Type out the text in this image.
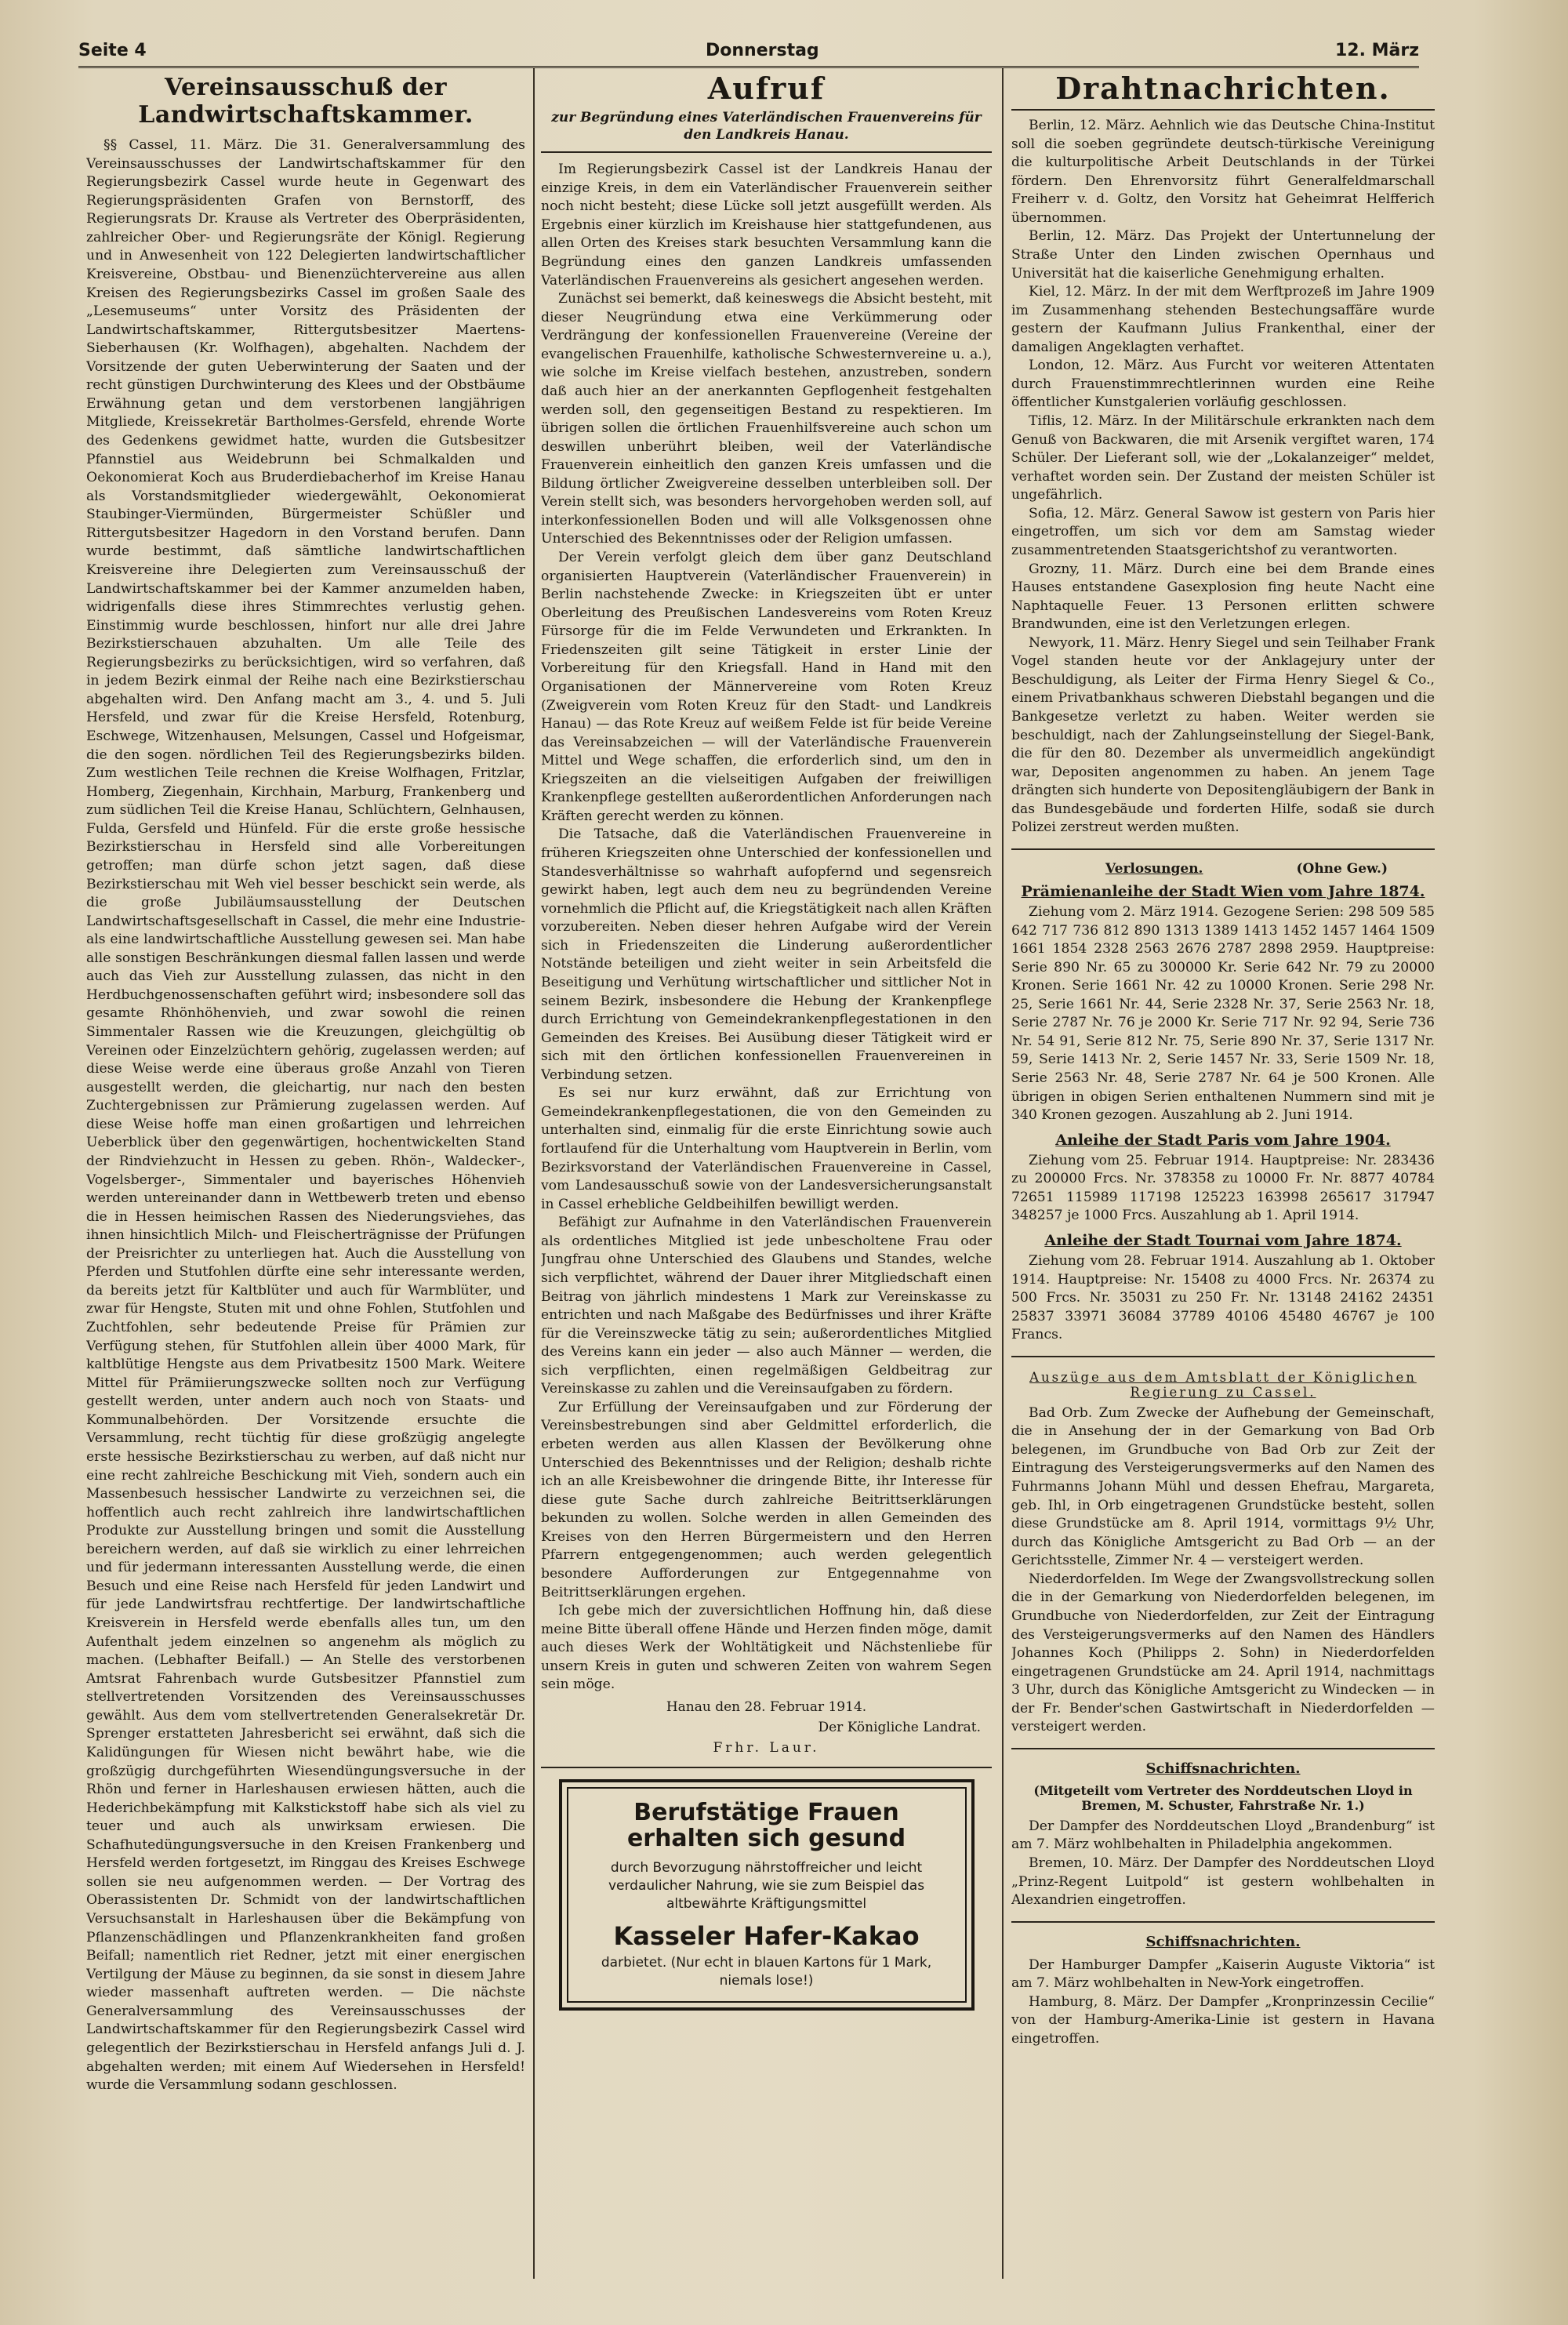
Seite 4	Donnerstag	12. März
Vereinsausschuß der Landwirtschaftskammer.

§§ Cassel, 11. März. Die 31. Generalversammlung des Vereinsausschusses der Landwirtschaftskammer für den Regierungsbezirk Cassel wurde heute in Gegenwart des Regierungspräsidenten Grafen von Bernstorff, des Regierungsrats Dr. Krause als Vertreter des Oberpräsidenten, zahlreicher Ober- und Regierungsräte der Königl. Regierung und in Anwesenheit von 122 Delegierten landwirtschaftlicher Kreisvereine, Obstbau- und Bienenzüchtervereine aus allen Kreisen des Regierungsbezirks Cassel im großen Saale des „Lesemuseums“ unter Vorsitz des Präsidenten der Landwirtschaftskammer, Rittergutsbesitzer Maertens-Sieberhausen (Kr. Wolfhagen), abgehalten. Nachdem der Vorsitzende der guten Ueberwinterung der Saaten und der recht günstigen Durchwinterung des Klees und der Obstbäume Erwähnung getan und dem verstorbenen langjährigen Mitgliede, Kreissekretär Bartholmes-Gersfeld, ehrende Worte des Gedenkens gewidmet hatte, wurden die Gutsbesitzer Pfannstiel aus Weidebrunn bei Schmalkalden und Oekonomierat Koch aus Bruderdiebacherhof im Kreise Hanau als Vorstandsmitglieder wiedergewählt, Oekonomierat Staubinger-Viermünden, Bürgermeister Schüßler und Rittergutsbesitzer Hagedorn in den Vorstand berufen. Dann wurde bestimmt, daß sämtliche landwirtschaftlichen Kreisvereine ihre Delegierten zum Vereinsausschuß der Landwirtschaftskammer bei der Kammer anzumelden haben, widrigenfalls diese ihres Stimmrechtes verlustig gehen. Einstimmig wurde beschlossen, hinfort nur alle drei Jahre Bezirkstierschauen abzuhalten. Um alle Teile des Regierungsbezirks zu berücksichtigen, wird so verfahren, daß in jedem Bezirk einmal der Reihe nach eine Bezirkstierschau abgehalten wird. Den Anfang macht am 3., 4. und 5. Juli Hersfeld, und zwar für die Kreise Hersfeld, Rotenburg, Eschwege, Witzenhausen, Melsungen, Cassel und Hofgeismar, die den sogen. nördlichen Teil des Regierungsbezirks bilden. Zum westlichen Teile rechnen die Kreise Wolfhagen, Fritzlar, Homberg, Ziegenhain, Kirchhain, Marburg, Frankenberg und zum südlichen Teil die Kreise Hanau, Schlüchtern, Gelnhausen, Fulda, Gersfeld und Hünfeld. Für die erste große hessische Bezirkstierschau in Hersfeld sind alle Vorbereitungen getroffen; man dürfe schon jetzt sagen, daß diese Bezirkstierschau mit Weh viel besser beschickt sein werde, als die große Jubiläumsausstellung der Deutschen Landwirtschaftsgesellschaft in Cassel, die mehr eine Industrie- als eine landwirtschaftliche Ausstellung gewesen sei. Man habe alle sonstigen Beschränkungen diesmal fallen lassen und werde auch das Vieh zur Ausstellung zulassen, das nicht in den Herdbuchgenossenschaften geführt wird; insbesondere soll das gesamte Rhönhöhenvieh, und zwar sowohl die reinen Simmentaler Rassen wie die Kreuzungen, gleichgültig ob Vereinen oder Einzelzüchtern gehörig, zugelassen werden; auf diese Weise werde eine überaus große Anzahl von Tieren ausgestellt werden, die gleichartig, nur nach den besten Zuchtergebnissen zur Prämierung zugelassen werden. Auf diese Weise hoffe man einen großartigen und lehrreichen Ueberblick über den gegenwärtigen, hochentwickelten Stand der Rindviehzucht in Hessen zu geben. Rhön-, Waldecker-, Vogelsberger-, Simmentaler und bayerisches Höhenvieh werden untereinander dann in Wettbewerb treten und ebenso die in Hessen heimischen Rassen des Niederungsviehes, das ihnen hinsichtlich Milch- und Fleischerträgnisse der Prüfungen der Preisrichter zu unterliegen hat. Auch die Ausstellung von Pferden und Stutfohlen dürfte eine sehr interessante werden, da bereits jetzt für Kaltblüter und auch für Warmblüter, und zwar für Hengste, Stuten mit und ohne Fohlen, Stutfohlen und Zuchtfohlen, sehr bedeutende Preise für Prämien zur Verfügung stehen, für Stutfohlen allein über 4000 Mark, für kaltblütige Hengste aus dem Privatbesitz 1500 Mark. Weitere Mittel für Prämiierungszwecke sollten noch zur Verfügung gestellt werden, unter andern auch noch von Staats- und Kommunalbehörden. Der Vorsitzende ersuchte die Versammlung, recht tüchtig für diese großzügig angelegte erste hessische Bezirkstierschau zu werben, auf daß nicht nur eine recht zahlreiche Beschickung mit Vieh, sondern auch ein Massenbesuch hessischer Landwirte zu verzeichnen sei, die hoffentlich auch recht zahlreich ihre landwirtschaftlichen Produkte zur Ausstellung bringen und somit die Ausstellung bereichern werden, auf daß sie wirklich zu einer lehrreichen und für jedermann interessanten Ausstellung werde, die einen Besuch und eine Reise nach Hersfeld für jeden Landwirt und für jede Landwirtsfrau rechtfertige. Der landwirtschaftliche Kreisverein in Hersfeld werde ebenfalls alles tun, um den Aufenthalt jedem einzelnen so angenehm als möglich zu machen. (Lebhafter Beifall.) — An Stelle des verstorbenen Amtsrat Fahrenbach wurde Gutsbesitzer Pfannstiel zum stellvertretenden Vorsitzenden des Vereinsausschusses gewählt. Aus dem vom stellvertretenden Generalsekretär Dr. Sprenger erstatteten Jahresbericht sei erwähnt, daß sich die Kalidüngungen für Wiesen nicht bewährt habe, wie die großzügig durchgeführten Wiesendüngungsversuche in der Rhön und ferner in Harleshausen erwiesen hätten, auch die Hederichbekämpfung mit Kalkstickstoff habe sich als viel zu teuer und auch als unwirksam erwiesen. Die Schafhutedüngungsversuche in den Kreisen Frankenberg und Hersfeld werden fortgesetzt, im Ringgau des Kreises Eschwege sollen sie neu aufgenommen werden. — Der Vortrag des Oberassistenten Dr. Schmidt von der landwirtschaftlichen Versuchsanstalt in Harleshausen über die Bekämpfung von Pflanzenschädlingen und Pflanzenkrankheiten fand großen Beifall; namentlich riet Redner, jetzt mit einer energischen Vertilgung der Mäuse zu beginnen, da sie sonst in diesem Jahre wieder massenhaft auftreten werden. — Die nächste Generalversammlung des Vereinsausschusses der Landwirtschaftskammer für den Regierungsbezirk Cassel wird gelegentlich der Bezirkstierschau in Hersfeld anfangs Juli d. J. abgehalten werden; mit einem Auf Wiedersehen in Hersfeld! wurde die Versammlung sodann geschlossen.

Aufruf
zur Begründung eines Vaterländischen Frauenvereins für den Landkreis Hanau.

Im Regierungsbezirk Cassel ist der Landkreis Hanau der einzige Kreis, in dem ein Vaterländischer Frauenverein seither noch nicht besteht; diese Lücke soll jetzt ausgefüllt werden. Als Ergebnis einer kürzlich im Kreishause hier stattgefundenen, aus allen Orten des Kreises stark besuchten Versammlung kann die Begründung eines den ganzen Landkreis umfassenden Vaterländischen Frauenvereins als gesichert angesehen werden.

Zunächst sei bemerkt, daß keineswegs die Absicht besteht, mit dieser Neugründung etwa eine Verkümmerung oder Verdrängung der konfessionellen Frauenvereine (Vereine der evangelischen Frauenhilfe, katholische Schwesternvereine u. a.), wie solche im Kreise vielfach bestehen, anzustreben, sondern daß auch hier an der anerkannten Gepflogenheit festgehalten werden soll, den gegenseitigen Bestand zu respektieren. Im übrigen sollen die örtlichen Frauenhilfsvereine auch schon um deswillen unberührt bleiben, weil der Vaterländische Frauenverein einheitlich den ganzen Kreis umfassen und die Bildung örtlicher Zweigvereine desselben unterbleiben soll. Der Verein stellt sich, was besonders hervorgehoben werden soll, auf interkonfessionellen Boden und will alle Volksgenossen ohne Unterschied des Bekenntnisses oder der Religion umfassen.

Der Verein verfolgt gleich dem über ganz Deutschland organisierten Hauptverein (Vaterländischer Frauenverein) in Berlin nachstehende Zwecke: in Kriegszeiten übt er unter Oberleitung des Preußischen Landesvereins vom Roten Kreuz Fürsorge für die im Felde Verwundeten und Erkrankten. In Friedenszeiten gilt seine Tätigkeit in erster Linie der Vorbereitung für den Kriegsfall. Hand in Hand mit den Organisationen der Männervereine vom Roten Kreuz (Zweigverein vom Roten Kreuz für den Stadt- und Landkreis Hanau) — das Rote Kreuz auf weißem Felde ist für beide Vereine das Vereinsabzeichen — will der Vaterländische Frauenverein Mittel und Wege schaffen, die erforderlich sind, um den in Kriegszeiten an die vielseitigen Aufgaben der freiwilligen Krankenpflege gestellten außerordentlichen Anforderungen nach Kräften gerecht werden zu können.

Die Tatsache, daß die Vaterländischen Frauenvereine in früheren Kriegszeiten ohne Unterschied der konfessionellen und Standesverhältnisse so wahrhaft aufopfernd und segensreich gewirkt haben, legt auch dem neu zu begründenden Vereine vornehmlich die Pflicht auf, die Kriegstätigkeit nach allen Kräften vorzubereiten. Neben dieser hehren Aufgabe wird der Verein sich in Friedenszeiten die Linderung außerordentlicher Notstände beteiligen und zieht weiter in sein Arbeitsfeld die Beseitigung und Verhütung wirtschaftlicher und sittlicher Not in seinem Bezirk, insbesondere die Hebung der Krankenpflege durch Errichtung von Gemeindekrankenpflegestationen in den Gemeinden des Kreises. Bei Ausübung dieser Tätigkeit wird er sich mit den örtlichen konfessionellen Frauenvereinen in Verbindung setzen.

Es sei nur kurz erwähnt, daß zur Errichtung von Gemeindekrankenpflegestationen, die von den Gemeinden zu unterhalten sind, einmalig für die erste Einrichtung sowie auch fortlaufend für die Unterhaltung vom Hauptverein in Berlin, vom Bezirksvorstand der Vaterländischen Frauenvereine in Cassel, vom Landesausschuß sowie von der Landesversicherungsanstalt in Cassel erhebliche Geldbeihilfen bewilligt werden.

Befähigt zur Aufnahme in den Vaterländischen Frauenverein als ordentliches Mitglied ist jede unbescholtene Frau oder Jungfrau ohne Unterschied des Glaubens und Standes, welche sich verpflichtet, während der Dauer ihrer Mitgliedschaft einen Beitrag von jährlich mindestens 1 Mark zur Vereinskasse zu entrichten und nach Maßgabe des Bedürfnisses und ihrer Kräfte für die Vereinszwecke tätig zu sein; außerordentliches Mitglied des Vereins kann ein jeder — also auch Männer — werden, die sich verpflichten, einen regelmäßigen Geldbeitrag zur Vereinskasse zu zahlen und die Vereinsaufgaben zu fördern.

Zur Erfüllung der Vereinsaufgaben und zur Förderung der Vereinsbestrebungen sind aber Geldmittel erforderlich, die erbeten werden aus allen Klassen der Bevölkerung ohne Unterschied des Bekenntnisses und der Religion; deshalb richte ich an alle Kreisbewohner die dringende Bitte, ihr Interesse für diese gute Sache durch zahlreiche Beitrittserklärungen bekunden zu wollen. Solche werden in allen Gemeinden des Kreises von den Herren Bürgermeistern und den Herren Pfarrern entgegengenommen; auch werden gelegentlich besondere Aufforderungen zur Entgegennahme von Beitrittserklärungen ergehen.

Ich gebe mich der zuversichtlichen Hoffnung hin, daß diese meine Bitte überall offene Hände und Herzen finden möge, damit auch dieses Werk der Wohltätigkeit und Nächstenliebe für unsern Kreis in guten und schweren Zeiten von wahrem Segen sein möge.

Hanau den 28. Februar 1914.
Der Königliche Landrat.
Frhr. Laur.
Berufstätige Frauen
erhalten sich gesund
durch Bevorzugung nährstoffreicher und leicht verdaulicher Nahrung, wie sie zum Beispiel das altbewährte Kräftigungsmittel
Kasseler Hafer-Kakao
darbietet. (Nur echt in blauen Kartons für 1 Mark, niemals lose!)
Drahtnachrichten.

Berlin, 12. März. Aehnlich wie das Deutsche China-Institut soll die soeben gegründete deutsch-türkische Vereinigung die kulturpolitische Arbeit Deutschlands in der Türkei fördern. Den Ehrenvorsitz führt Generalfeldmarschall Freiherr v. d. Goltz, den Vorsitz hat Geheimrat Helfferich übernommen.

Berlin, 12. März. Das Projekt der Untertunnelung der Straße Unter den Linden zwischen Opernhaus und Universität hat die kaiserliche Genehmigung erhalten.

Kiel, 12. März. In der mit dem Werftprozeß im Jahre 1909 im Zusammenhang stehenden Bestechungsaffäre wurde gestern der Kaufmann Julius Frankenthal, einer der damaligen Angeklagten verhaftet.

London, 12. März. Aus Furcht vor weiteren Attentaten durch Frauenstimmrechtlerinnen wurden eine Reihe öffentlicher Kunstgalerien vorläufig geschlossen.

Tiflis, 12. März. In der Militärschule erkrankten nach dem Genuß von Backwaren, die mit Arsenik vergiftet waren, 174 Schüler. Der Lieferant soll, wie der „Lokalanzeiger“ meldet, verhaftet worden sein. Der Zustand der meisten Schüler ist ungefährlich.

Sofia, 12. März. General Sawow ist gestern von Paris hier eingetroffen, um sich vor dem am Samstag wieder zusammentretenden Staatsgerichtshof zu verantworten.

Grozny, 11. März. Durch eine bei dem Brande eines Hauses entstandene Gasexplosion fing heute Nacht eine Naphtaquelle Feuer. 13 Personen erlitten schwere Brandwunden, eine ist den Verletzungen erlegen.

Newyork, 11. März. Henry Siegel und sein Teilhaber Frank Vogel standen heute vor der Anklagejury unter der Beschuldigung, als Leiter der Firma Henry Siegel & Co., einem Privatbankhaus schweren Diebstahl begangen und die Bankgesetze verletzt zu haben. Weiter werden sie beschuldigt, nach der Zahlungseinstellung der Siegel-Bank, die für den 80. Dezember als unvermeidlich angekündigt war, Depositen angenommen zu haben. An jenem Tage drängten sich hunderte von Depositengläubigern der Bank in das Bundesgebäude und forderten Hilfe, sodaß sie durch Polizei zerstreut werden mußten.

Verlosungen.	(Ohne Gew.)
Prämienanleihe der Stadt Wien vom Jahre 1874.

Ziehung vom 2. März 1914. Gezogene Serien: 298 509 585 642 717 736 812 890 1313 1389 1413 1452 1457 1464 1509 1661 1854 2328 2563 2676 2787 2898 2959. Hauptpreise: Serie 890 Nr. 65 zu 300000 Kr. Serie 642 Nr. 79 zu 20000 Kronen. Serie 1661 Nr. 42 zu 10000 Kronen. Serie 298 Nr. 25, Serie 1661 Nr. 44, Serie 2328 Nr. 37, Serie 2563 Nr. 18, Serie 2787 Nr. 76 je 2000 Kr. Serie 717 Nr. 92 94, Serie 736 Nr. 54 91, Serie 812 Nr. 75, Serie 890 Nr. 37, Serie 1317 Nr. 59, Serie 1413 Nr. 2, Serie 1457 Nr. 33, Serie 1509 Nr. 18, Serie 2563 Nr. 48, Serie 2787 Nr. 64 je 500 Kronen. Alle übrigen in obigen Serien enthaltenen Nummern sind mit je 340 Kronen gezogen. Auszahlung ab 2. Juni 1914.

Anleihe der Stadt Paris vom Jahre 1904.

Ziehung vom 25. Februar 1914. Hauptpreise: Nr. 283436 zu 200000 Frcs. Nr. 378358 zu 10000 Fr. Nr. 8877 40784 72651 115989 117198 125223 163998 265617 317947 348257 je 1000 Frcs. Auszahlung ab 1. April 1914.

Anleihe der Stadt Tournai vom Jahre 1874.

Ziehung vom 28. Februar 1914. Auszahlung ab 1. Oktober 1914. Hauptpreise: Nr. 15408 zu 4000 Frcs. Nr. 26374 zu 500 Frcs. Nr. 35031 zu 250 Fr. Nr. 13148 24162 24351 25837 33971 36084 37789 40106 45480 46767 je 100 Francs.

Auszüge aus dem Amtsblatt der Königlichen Regierung zu Cassel.

Bad Orb. Zum Zwecke der Aufhebung der Gemeinschaft, die in Ansehung der in der Gemarkung von Bad Orb belegenen, im Grundbuche von Bad Orb zur Zeit der Eintragung des Versteigerungsvermerks auf den Namen des Fuhrmanns Johann Mühl und dessen Ehefrau, Margareta, geb. Ihl, in Orb eingetragenen Grundstücke besteht, sollen diese Grundstücke am 8. April 1914, vormittags 9½ Uhr, durch das Königliche Amtsgericht zu Bad Orb — an der Gerichtsstelle, Zimmer Nr. 4 — versteigert werden.

Niederdorfelden. Im Wege der Zwangsvollstreckung sollen die in der Gemarkung von Niederdorfelden belegenen, im Grundbuche von Niederdorfelden, zur Zeit der Eintragung des Versteigerungsvermerks auf den Namen des Händlers Johannes Koch (Philipps 2. Sohn) in Niederdorfelden eingetragenen Grundstücke am 24. April 1914, nachmittags 3 Uhr, durch das Königliche Amtsgericht zu Windecken — in der Fr. Bender'schen Gastwirtschaft in Niederdorfelden — versteigert werden.

Schiffsnachrichten.
(Mitgeteilt vom Vertreter des Norddeutschen Lloyd in Bremen, M. Schuster, Fahrstraße Nr. 1.)

Der Dampfer des Norddeutschen Lloyd „Brandenburg“ ist am 7. März wohlbehalten in Philadelphia angekommen.

Bremen, 10. März. Der Dampfer des Norddeutschen Lloyd „Prinz-Regent Luitpold“ ist gestern wohlbehalten in Alexandrien eingetroffen.

Schiffsnachrichten.

Der Hamburger Dampfer „Kaiserin Auguste Viktoria“ ist am 7. März wohlbehalten in New-York eingetroffen.

Hamburg, 8. März. Der Dampfer „Kronprinzessin Cecilie“ von der Hamburg-Amerika-Linie ist gestern in Havana eingetroffen.
